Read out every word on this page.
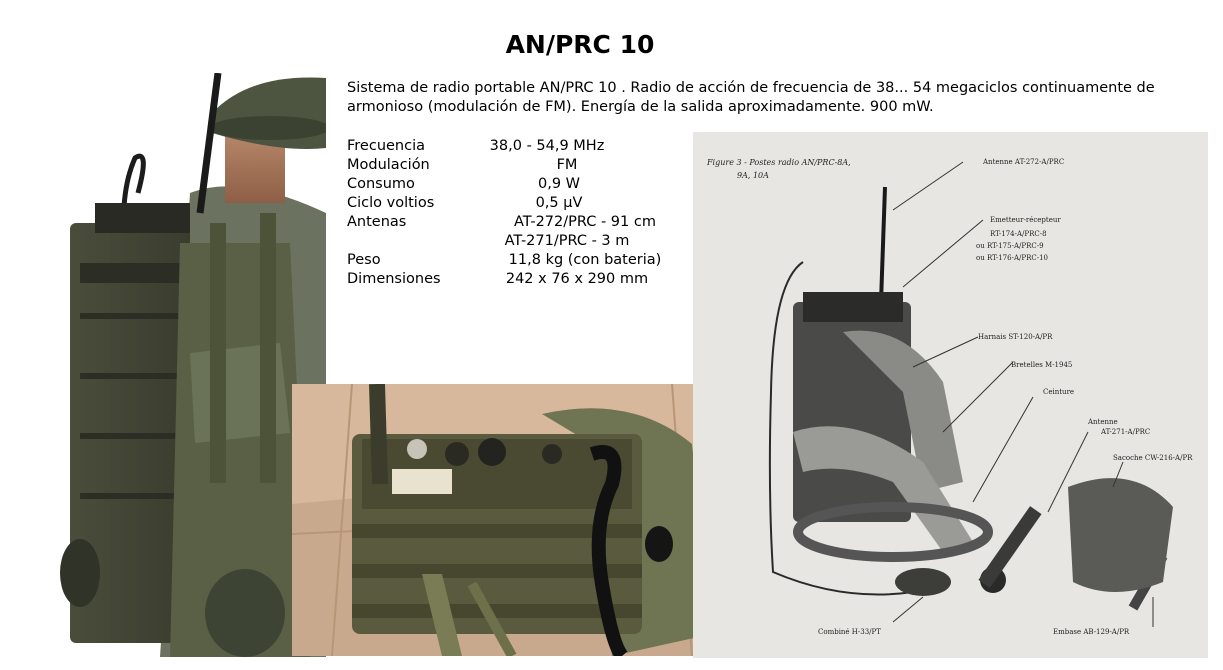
AN/PRC 10
Sistema de radio portable AN/PRC 10 . Radio de acción de frecuencia de 38... 54 megaciclos continuamente de armonioso (modulación de FM). Energía de la salida aproximadamente. 900 mW.
Frecuencia	38,0 - 54,9 MHz
Modulación	FM
Consumo	0,9 W
Ciclo voltios	0,5 µV
Antenas	AT-272/PRC - 91 cm
AT-271/PRC - 3 m
Peso	11,8 kg (con bateria)
Dimensiones	242 x 76 x 290 mm
Figure 3 - Postes radio AN/PRC-8A,
9A, 10A
Antenne AT-272-A/PRC
Emetteur-récepteur
RT-174-A/PRC-8
ou RT-175-A/PRC-9
ou RT-176-A/PRC-10
Harnais ST-120-A/PR
Bretelles M-1945
Ceinture
Antenne
AT-271-A/PRC
Sacoche CW-216-A/PR
Combiné H-33/PT	Embase AB-129-A/PR
